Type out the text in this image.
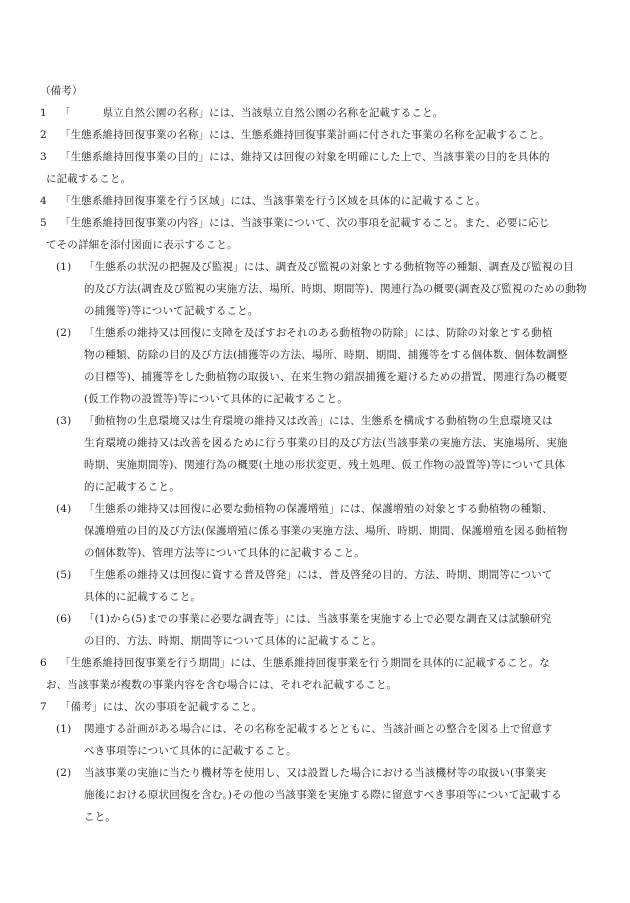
（備考）
1 「　　　県立自然公園の名称」には、当該県立自然公園の名称を記載すること。
2 「生態系維持回復事業の名称」には、生態系維持回復事業計画に付された事業の名称を記載すること。
3 「生態系維持回復事業の目的」には、維持又は回復の対象を明確にした上で、当該事業の目的を具体的
に記載すること。
4 「生態系維持回復事業を行う区域」には、当該事業を行う区域を具体的に記載すること。
5 「生態系維持回復事業の内容」には、当該事業について、次の事項を記載すること。また、必要に応じ
てその詳細を添付図面に表示すること。
(1) 「生態系の状況の把握及び監視」には、調査及び監視の対象とする動植物等の種類、調査及び監視の目
的及び方法(調査及び監視の実施方法、場所、時期、期間等)、関連行為の概要(調査及び監視のための動物
の捕獲等)等について記載すること。
(2) 「生態系の維持又は回復に支障を及ぼすおそれのある動植物の防除」には、防除の対象とする動植
物の種類、防除の目的及び方法(捕獲等の方法、場所、時期、期間、捕獲等をする個体数、個体数調整
の目標等)、捕獲等をした動植物の取扱い、在来生物の錯誤捕獲を避けるための措置、関連行為の概要
(仮工作物の設置等)等について具体的に記載すること。
(3) 「動植物の生息環境又は生育環境の維持又は改善」には、生態系を構成する動植物の生息環境又は
生育環境の維持又は改善を図るために行う事業の目的及び方法(当該事業の実施方法、実施場所、実施
時期、実施期間等)、関連行為の概要(土地の形状変更、残土処理、仮工作物の設置等)等について具体
的に記載すること。
(4) 「生態系の維持又は回復に必要な動植物の保護増殖」には、保護増殖の対象とする動植物の種類、
保護増殖の目的及び方法(保護増殖に係る事業の実施方法、場所、時期、期間、保護増殖を図る動植物
の個体数等)、管理方法等について具体的に記載すること。
(5) 「生態系の維持又は回復に資する普及啓発」には、普及啓発の目的、方法、時期、期間等について
具体的に記載すること。
(6) 「(1)から(5)までの事業に必要な調査等」には、当該事業を実施する上で必要な調査又は試験研究
の目的、方法、時期、期間等について具体的に記載すること。
6 「生態系維持回復事業を行う期間」には、生態系維持回復事業を行う期間を具体的に記載すること。な
お、当該事業が複数の事業内容を含む場合には、それぞれ記載すること。
7 「備考」には、次の事項を記載すること。
(1) 関連する計画がある場合には、その名称を記載するとともに、当該計画との整合を図る上で留意す
べき事項等について具体的に記載すること。
(2) 当該事業の実施に当たり機材等を使用し、又は設置した場合における当該機材等の取扱い(事業実
施後における原状回復を含む。)その他の当該事業を実施する際に留意すべき事項等について記載する
こと。
